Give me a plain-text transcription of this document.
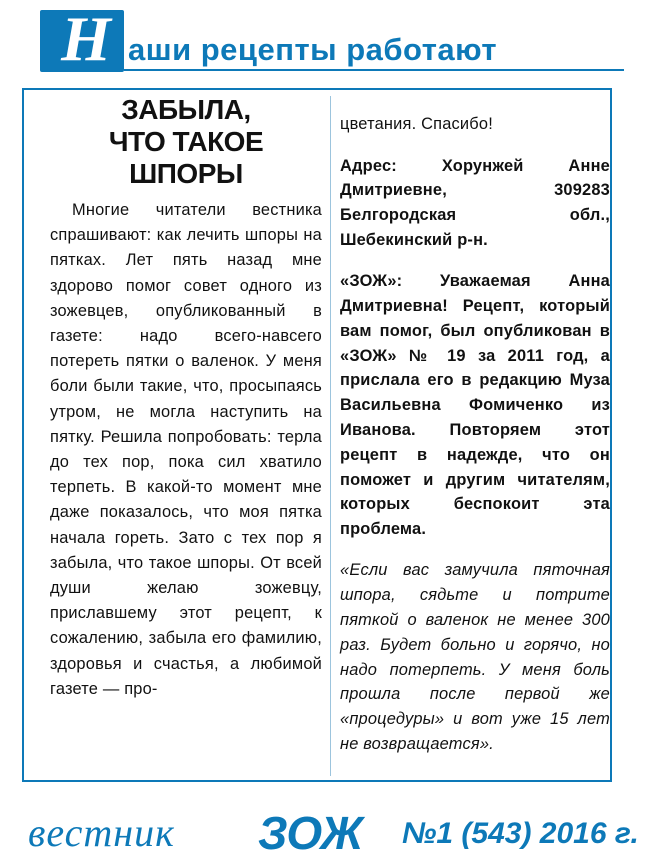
Н аши рецепты работают
ЗАБЫЛА,
ЧТО ТАКОЕ
ШПОРЫ

Многие читатели вестника спрашивают: как лечить шпоры на пятках. Лет пять назад мне здорово помог совет одного из зожевцев, опубликованный в газете: надо всего-навсего потереть пятки о валенок. У меня боли были такие, что, просыпаясь утром, не могла наступить на пятку. Решила попробовать: терла до тех пор, пока сил хватило терпеть. В какой-то момент мне даже показалось, что моя пятка начала гореть. Зато с тех пор я забыла, что такое шпоры. От всей души желаю зожевцу, приславшему этот рецепт, к сожалению, забыла его фамилию, здоровья и счастья, а любимой газете — про-

цветания. Спасибо!

Адрес: Хорунжей Анне Дмитриевне, 309283 Белгородская обл., Шебекинский р-н.

«ЗОЖ»: Уважаемая Анна Дмитриевна! Рецепт, который вам помог, был опубликован в «ЗОЖ» № 19 за 2011 год, а прислала его в редакцию Муза Васильевна Фомиченко из Иванова. Повторяем этот рецепт в надежде, что он поможет и другим читателям, которых беспокоит эта проблема.

«Если вас замучила пяточная шпора, сядьте и потрите пяткой о валенок не менее 300 раз. Будет больно и горячо, но надо потерпеть. У меня боль прошла после первой же «процедуры» и вот уже 15 лет не возвращается».

вестник ЗОЖ №1 (543) 2016 г.
